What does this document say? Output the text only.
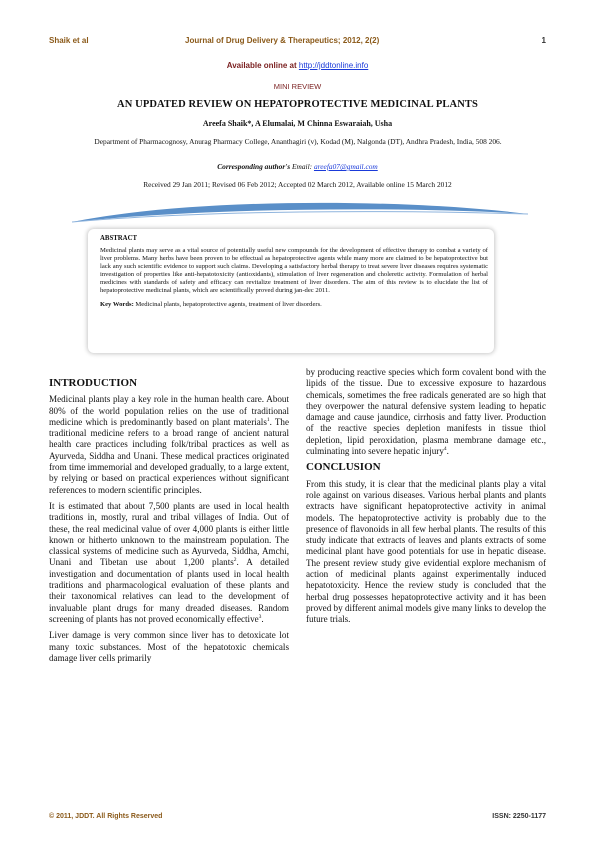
Shaik et al	Journal of Drug Delivery & Therapeutics; 2012, 2(2)	1
Available online at http://jddtonline.info
MINI REVIEW
AN UPDATED REVIEW ON HEPATOPROTECTIVE MEDICINAL PLANTS
Areefa Shaik*, A Elumalai, M Chinna Eswaraiah, Usha
Department of Pharmacognosy, Anurag Pharmacy College, Ananthagiri (v), Kodad (M), Nalgonda (DT), Andhra Pradesh, India, 508 206.
Corresponding author's Email: areefa07@gmail.com
Received 29 Jan 2011; Revised 06 Feb 2012; Accepted 02 March 2012, Available online 15 March 2012
ABSTRACT

Medicinal plants may serve as a vital source of potentially useful new compounds for the development of effective therapy to combat a variety of liver problems. Many herbs have been proven to be effectual as hepatoprotective agents while many more are claimed to be hepatoprotective but lack any such scientific evidence to support such claims. Developing a satisfactory herbal therapy to treat severe liver diseases requires systematic investigation of properties like anti-hepatotoxicity (antioxidants), stimulation of liver regeneration and choleretic activity. Formulation of herbal medicines with standards of safety and efficacy can revitalize treatment of liver disorders. The aim of this review is to elucidate the list of hepatoprotective medicinal plants, which are scientifically proved during jan-dec 2011.

Key Words: Medicinal plants, hepatoprotective agents, treatment of liver disorders.
INTRODUCTION

Medicinal plants play a key role in the human health care. About 80% of the world population relies on the use of traditional medicine which is predominantly based on plant materials$^1$. The traditional medicine refers to a broad range of ancient natural health care practices including folk/tribal practices as well as Ayurveda, Siddha and Unani. These medical practices originated from time immemorial and developed gradually, to a large extent, by relying or based on practical experiences without significant references to modern scientific principles.

It is estimated that about 7,500 plants are used in local health traditions in, mostly, rural and tribal villages of India. Out of these, the real medicinal value of over 4,000 plants is either little known or hitherto unknown to the mainstream population. The classical systems of medicine such as Ayurveda, Siddha, Amchi, Unani and Tibetan use about 1,200 plants$^2$. A detailed investigation and documentation of plants used in local health traditions and pharmacological evaluation of these plants and their taxonomical relatives can lead to the development of invaluable plant drugs for many dreaded diseases. Random screening of plants has not proved economically effective$^3$.

Liver damage is very common since liver has to detoxicate lot many toxic substances. Most of the hepatotoxic chemicals damage liver cells primarily

by producing reactive species which form covalent bond with the lipids of the tissue. Due to excessive exposure to hazardous chemicals, sometimes the free radicals generated are so high that they overpower the natural defensive system leading to hepatic damage and cause jaundice, cirrhosis and fatty liver. Production of the reactive species depletion manifests in tissue thiol depletion, lipid peroxidation, plasma membrane damage etc., culminating into severe hepatic injury$^4$.

CONCLUSION

From this study, it is clear that the medicinal plants play a vital role against on various diseases. Various herbal plants and plants extracts have significant hepatoprotective activity in animal models. The hepatoprotective activity is probably due to the presence of flavonoids in all few herbal plants. The results of this study indicate that extracts of leaves and plants extracts of some medicinal plant have good potentials for use in hepatic disease. The present review study give evidential explore mechanism of action of medicinal plants against experimentally induced hepatotoxicity. Hence the review study is concluded that the herbal drug possesses hepatoprotective activity and it has been proved by different animal models give many links to develop the future trials.

© 2011, JDDT. All Rights Reserved	ISSN: 2250-1177
